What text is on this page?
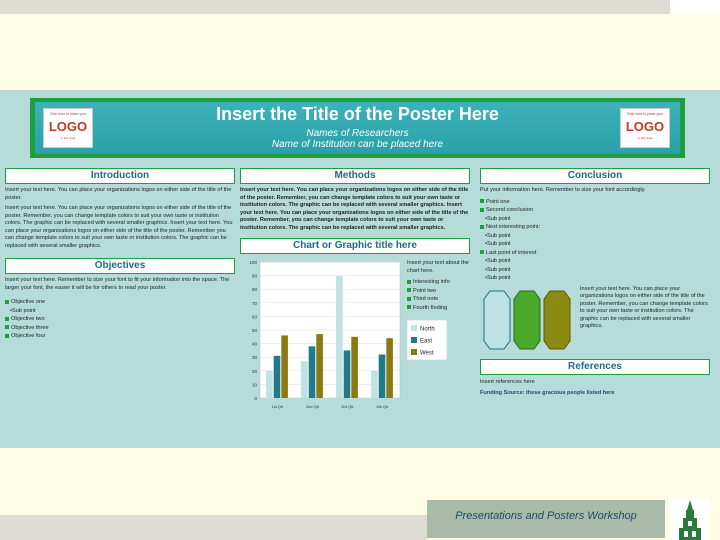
Click here to place your
LOGO
in this area
Click here to place your
LOGO
in this area
Insert the Title of the Poster Here
Names of Researchers
Name of Institution can be placed here
Introduction
Insert your text here. You can place your organizations logos on either side of the title of the poster.
Insert your text here. You can place your organizations logos on either side of the title of the poster. Remember, you can change template colors to suit your own taste or institution colors. The graphic can be replaced with several smaller graphics. Insert your text here. You can place your organizations logos on either side of the title of the poster. Remember you can change template colors to suit your own taste or institution colors. The graphic can be replaced with several smaller graphics.
Objectives
Insert your text here. Remember to size your font to fit your information into the space. The larger your font, the easier it will be for others to read your poster.
Objective one
•Sub point
Objective two
Objective three
Objective four
Methods
Insert your text here. You can place your organizations logos on either side of the title of the poster. Remember, you can change template colors to suit your own taste or institution colors. The graphic can be replaced with several smaller graphics. Insert your text here. You can place your organizations logos on either side of the title of the poster. Remember, you can change template colors to suit your own taste or institution colors. The graphic can be replaced with several smaller graphics.
Chart or Graphic title here
0
10
20
30
40
50
60
70
80
90
100
1st Qtr	2nd Qtr	3rd Qtr	4th Qtr
Insert your text about the chart here.
Interesting info
Point two
Third note
Fourth finding
North
East
West
Conclusion
Put your information here. Remember to size your font accordingly.
Point one
Second conclusion
•Sub point
Next interesting point:
•Sub point
•Sub point
Last point of interest
•Sub point
•Sub point
•Sub point
Insert your text here. You can place your organizations logos on either side of the title of the poster. Remember, you can change template colors to suit your own taste or institution colors. The graphic can be replaced with several smaller graphics.
References
Insert references here
Funding Source: these gracious people listed here
Presentations and Posters Workshop
